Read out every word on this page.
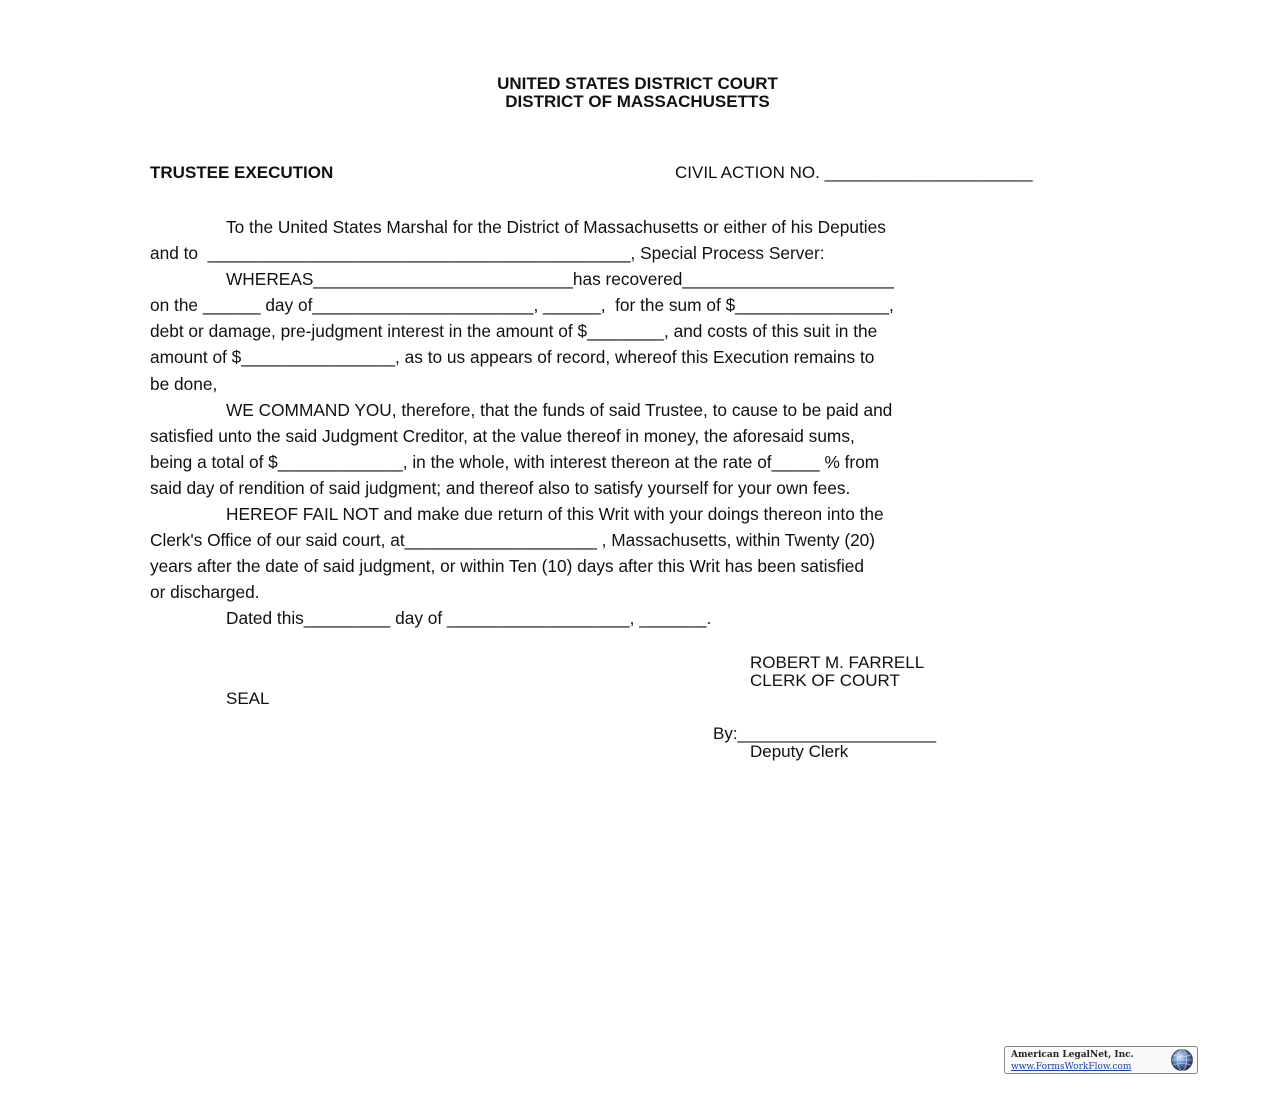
UNITED STATES DISTRICT COURT
DISTRICT OF MASSACHUSETTS
TRUSTEE EXECUTION	CIVIL ACTION NO. ______________________
To the United States Marshal for the District of Massachusetts or either of his Deputies
and to  ____________________________________________, Special Process Server:
WHEREAS___________________________has recovered______________________
on the ______ day of_______________________, ______,  for the sum of $________________,
debt or damage, pre-judgment interest in the amount of $________, and costs of this suit in the
amount of $________________, as to us appears of record, whereof this Execution remains to
be done,
WE COMMAND YOU, therefore, that the funds of said Trustee, to cause to be paid and
satisfied unto the said Judgment Creditor, at the value thereof in money, the aforesaid sums,
being a total of $_____________, in the whole, with interest thereon at the rate of_____ % from
said day of rendition of said judgment; and thereof also to satisfy yourself for your own fees.
HEREOF FAIL NOT and make due return of this Writ with your doings thereon into the
Clerk's Office of our said court, at____________________ , Massachusetts, within Twenty (20)
years after the date of said judgment, or within Ten (10) days after this Writ has been satisfied
or discharged.
Dated this_________ day of ___________________, _______.
ROBERT M. FARRELL
CLERK OF COURT
SEAL
By:_____________________
Deputy Clerk
American LegalNet, Inc.
www.FormsWorkFlow.com
